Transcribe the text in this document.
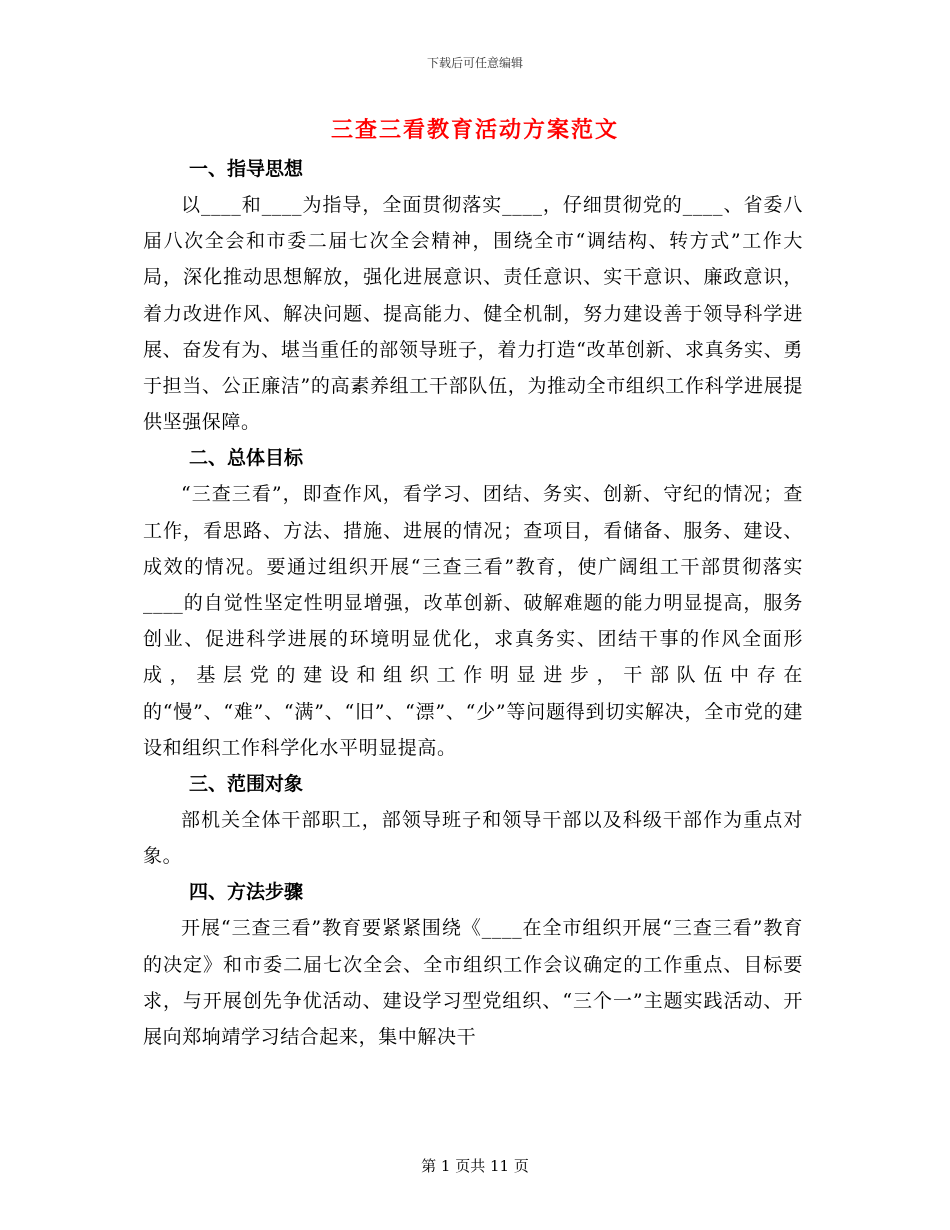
下载后可任意编辑
三查三看教育活动方案范文
一、指导思想

以____和____为指导，全面贯彻落实____，仔细贯彻党的____、省委八届八次全会和市委二届七次全会精神，围绕全市“调结构、转方式”工作大局，深化推动思想解放，强化进展意识、责任意识、实干意识、廉政意识，着力改进作风、解决问题、提高能力、健全机制，努力建设善于领导科学进展、奋发有为、堪当重任的部领导班子，着力打造“改革创新、求真务实、勇于担当、公正廉洁”的高素养组工干部队伍，为推动全市组织工作科学进展提供坚强保障。

二、总体目标

“三查三看”，即查作风，看学习、团结、务实、创新、守纪的情况；查工作，看思路、方法、措施、进展的情况；查项目，看储备、服务、建设、成效的情况。要通过组织开展“三查三看”教育，使广阔组工干部贯彻落实____的自觉性坚定性明显增强，改革创新、破解难题的能力明显提高，服务创业、促进科学进展的环境明显优化，求真务实、团结干事的作风全面形成，基层党的建设和组织工作明显进步，干部队伍中存在的“慢”、“难”、“满”、“旧”、“漂”、“少”等问题得到切实解决，全市党的建设和组织工作科学化水平明显提高。

三、范围对象

部机关全体干部职工，部领导班子和领导干部以及科级干部作为重点对象。

四、方法步骤

开展“三查三看”教育要紧紧围绕《____在全市组织开展“三查三看”教育的决定》和市委二届七次全会、全市组织工作会议确定的工作重点、目标要求，与开展创先争优活动、建设学习型党组织、“三个一”主题实践活动、开展向郑垧靖学习结合起来，集中解决干

第 1 页共 11 页
